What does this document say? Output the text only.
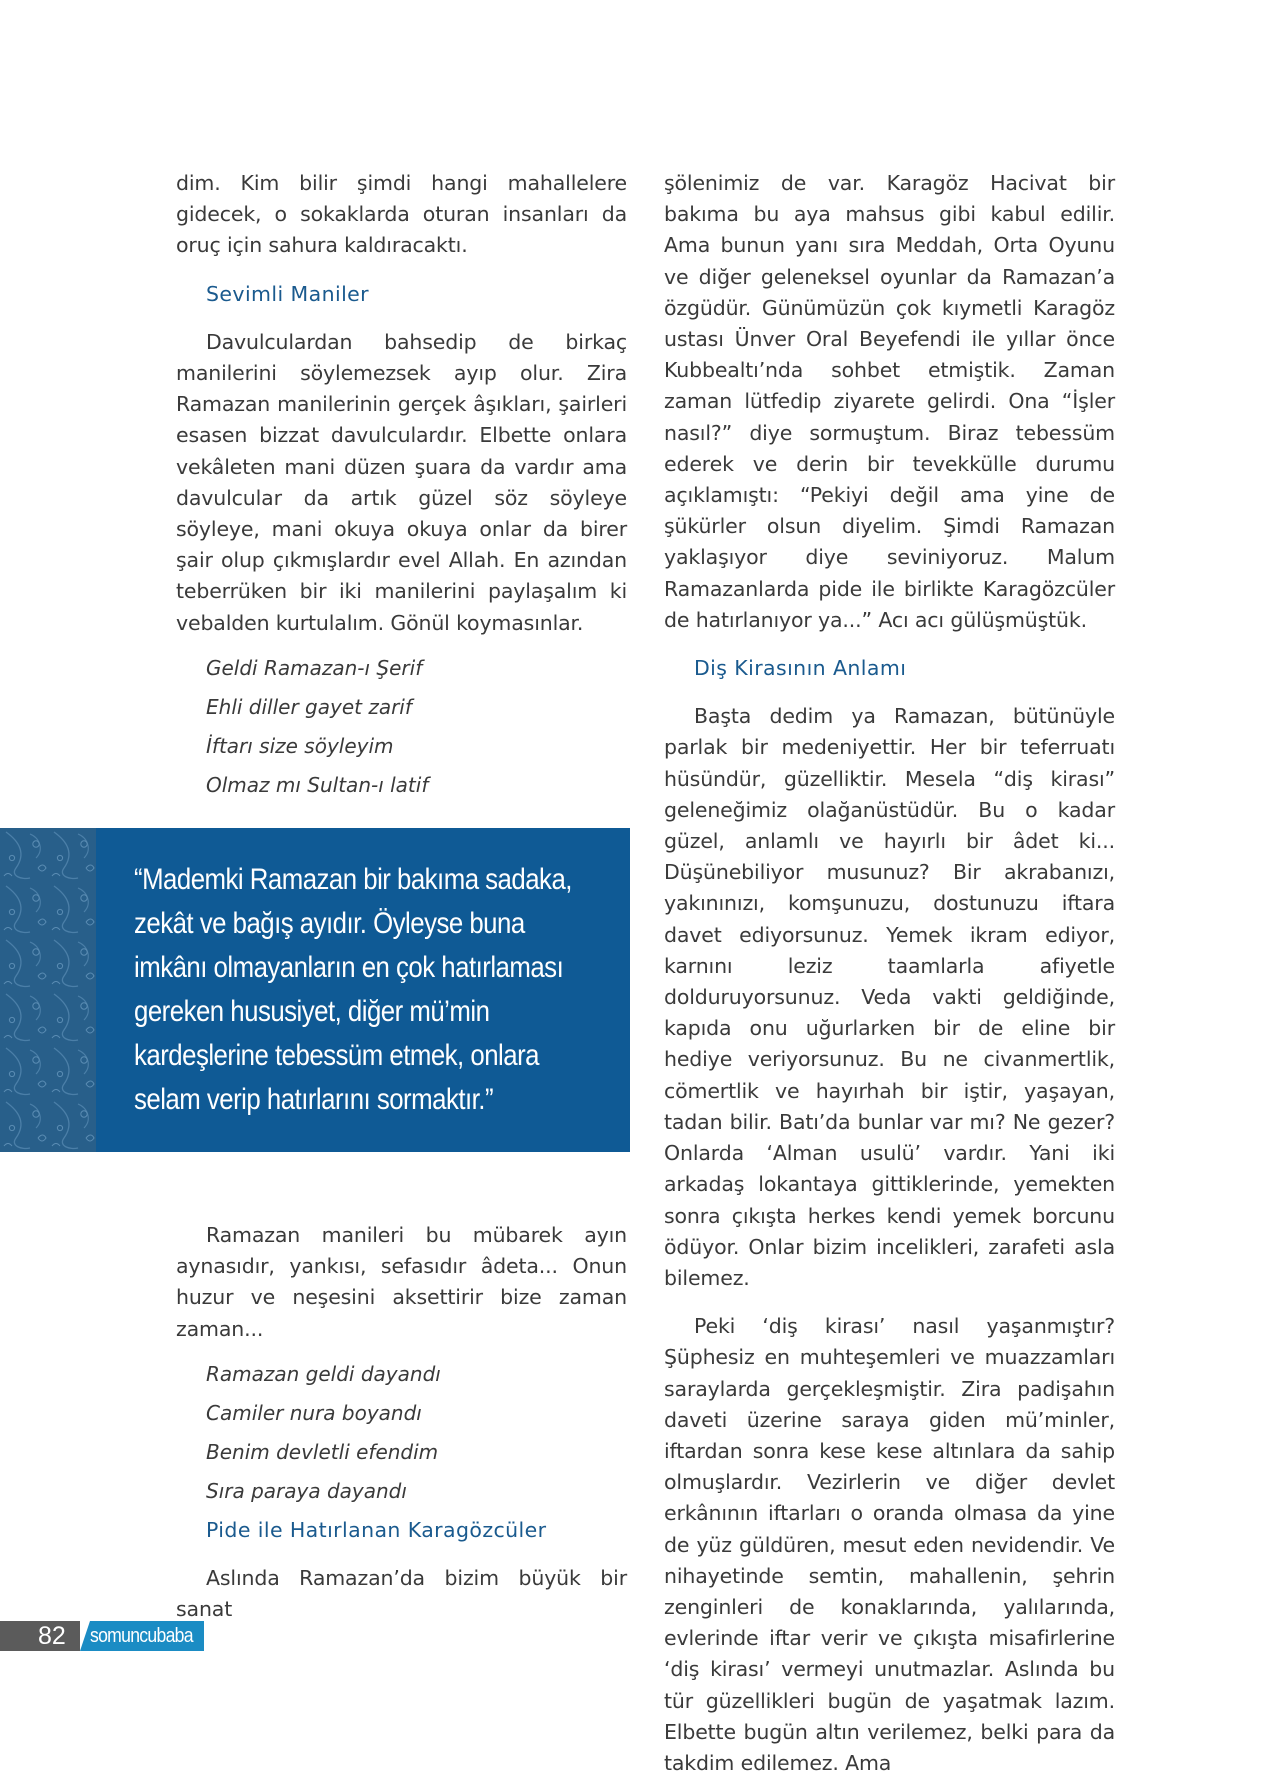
dim. Kim bilir şimdi hangi mahallelere gidecek, o sokaklarda oturan insanları da oruç için sahura kaldıracaktı.

Sevimli Maniler

Davulculardan bahsedip de birkaç manilerini söylemezsek ayıp olur. Zira Ramazan manilerinin gerçek âşıkları, şairleri esasen bizzat davulculardır. Elbette onlara vekâleten mani düzen şuara da vardır ama davulcular da artık güzel söz söyleye söyleye, mani okuya okuya onlar da birer şair olup çıkmışlardır evel Allah. En azından teberrüken bir iki manilerini paylaşalım ki vebalden kurtulalım. Gönül koymasınlar.

Geldi Ramazan-ı Şerif
Ehli diller gayet zarif
İftarı size söyleyim
Olmaz mı Sultan-ı latif
“Mademki Ramazan bir bakıma sadaka, zekât ve bağış ayıdır. Öyleyse buna imkânı olmayanların en çok hatırlaması gereken hususiyet, diğer mü’min kardeşlerine tebessüm etmek, onlara selam verip hatırlarını sormaktır.”

Ramazan manileri bu mübarek ayın aynasıdır, yankısı, sefasıdır âdeta... Onun huzur ve neşesini aksettirir bize zaman zaman...

Ramazan geldi dayandı
Camiler nura boyandı
Benim devletli efendim
Sıra paraya dayandı
Pide ile Hatırlanan Karagözcüler

Aslında Ramazan’da bizim büyük bir sanat

şölenimiz de var. Karagöz Hacivat bir bakıma bu aya mahsus gibi kabul edilir. Ama bunun yanı sıra Meddah, Orta Oyunu ve diğer geleneksel oyunlar da Ramazan’a özgüdür. Günümüzün çok kıymetli Karagöz ustası Ünver Oral Beyefendi ile yıllar önce Kubbealtı’nda sohbet etmiştik. Zaman zaman lütfedip ziyarete gelirdi. Ona “İşler nasıl?” diye sormuştum. Biraz tebessüm ederek ve derin bir tevekkülle durumu açıklamıştı: “Pekiyi değil ama yine de şükürler olsun diyelim. Şimdi Ramazan yaklaşıyor diye seviniyoruz. Malum Ramazanlarda pide ile birlikte Karagözcüler de hatırlanıyor ya...” Acı acı gülüşmüştük.

Diş Kirasının Anlamı

Başta dedim ya Ramazan, bütünüyle parlak bir medeniyettir. Her bir teferruatı hüsündür, güzelliktir. Mesela “diş kirası” geleneğimiz olağanüstüdür. Bu o kadar güzel, anlamlı ve hayırlı bir âdet ki... Düşünebiliyor musunuz? Bir akrabanızı, yakınınızı, komşunuzu, dostunuzu iftara davet ediyorsunuz. Yemek ikram ediyor, karnını leziz taamlarla afiyetle dolduruyorsunuz. Veda vakti geldiğinde, kapıda onu uğurlarken bir de eline bir hediye veriyorsunuz. Bu ne civanmertlik, cömertlik ve hayırhah bir iştir, yaşayan, tadan bilir. Batı’da bunlar var mı? Ne gezer? Onlarda ‘Alman usulü’ vardır. Yani iki arkadaş lokantaya gittiklerinde, yemekten sonra çıkışta herkes kendi yemek borcunu ödüyor. Onlar bizim incelikleri, zarafeti asla bilemez.

Peki ‘diş kirası’ nasıl yaşanmıştır? Şüphesiz en muhteşemleri ve muazzamları saraylarda gerçekleşmiştir. Zira padişahın daveti üzerine saraya giden mü’minler, iftardan sonra kese kese altınlara da sahip olmuşlardır. Vezirlerin ve diğer devlet erkânının iftarları o oranda olmasa da yine de yüz güldüren, mesut eden nevidendir. Ve nihayetinde semtin, mahallenin, şehrin zenginleri de konaklarında, yalılarında, evlerinde iftar verir ve çıkışta misafirlerine ‘diş kirası’ vermeyi unutmazlar. Aslında bu tür güzellikleri bugün de yaşatmak lazım. Elbette bugün altın verilemez, belki para da takdim edilemez. Ama

82 somuncubaba
